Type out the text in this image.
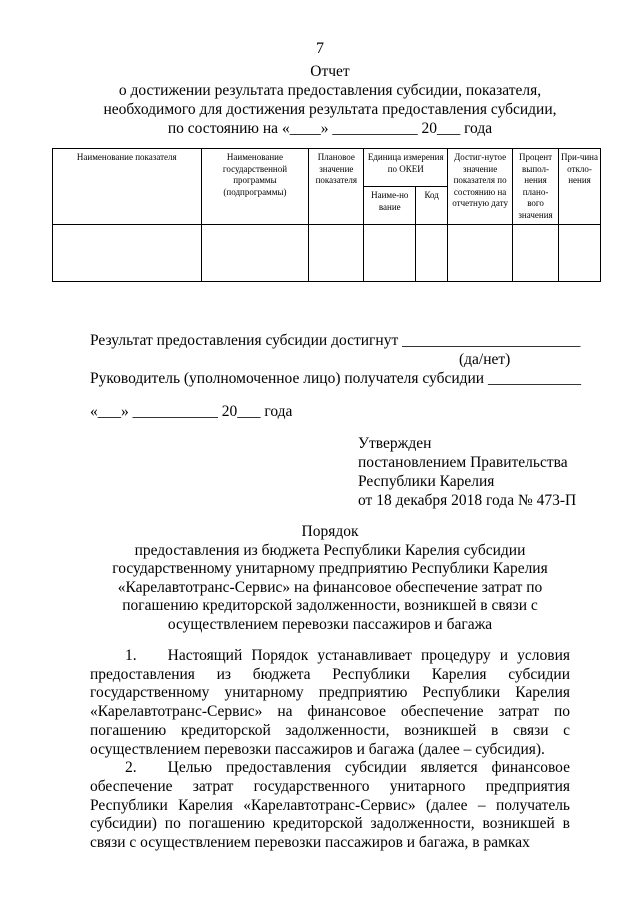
7
Отчет
о достижении результата предоставления субсидии, показателя,
необходимого для достижения результата предоставления субсидии,
по состоянию на «____» ___________ 20___ года
Наименование показателя	Наименование государственной программы (подпрограммы)	Плановое значение показателя	Единица измерения по ОКЕИ		Достиг-нутое значение показателя по состоянию на отчетную дату	Процент выпол-нения плано-вого значения	При-чина откло-нения
			Наиме-но вание	Код			

Результат предоставления субсидии достигнут _______________________
(да/нет)
Руководитель (уполномоченное лицо) получателя субсидии ____________
«___» ___________ 20___ года
Утвержден
постановлением Правительства
Республики Карелия
от 18 декабря 2018 года № 473-П
Порядок
предоставления из бюджета Республики Карелия субсидии
государственному унитарному предприятию Республики Карелия
«Карелавтотранс-Сервис» на финансовое обеспечение затрат по
погашению кредиторской задолженности, возникшей в связи с
осуществлением перевозки пассажиров и багажа

1.  Настоящий Порядок устанавливает процедуру и условия предоставления из бюджета Республики Карелия субсидии государственному унитарному предприятию Республики Карелия «Карелавтотранс-Сервис» на финансовое обеспечение затрат по погашению кредиторской задолженности, возникшей в связи с осуществлением перевозки пассажиров и багажа (далее – субсидия).

2.  Целью предоставления субсидии является финансовое обеспечение затрат государственного унитарного предприятия Республики Карелия «Карелавтотранс-Сервис» (далее – получатель субсидии) по погашению кредиторской задолженности, возникшей в связи с осуществлением перевозки пассажиров и багажа, в рамках
